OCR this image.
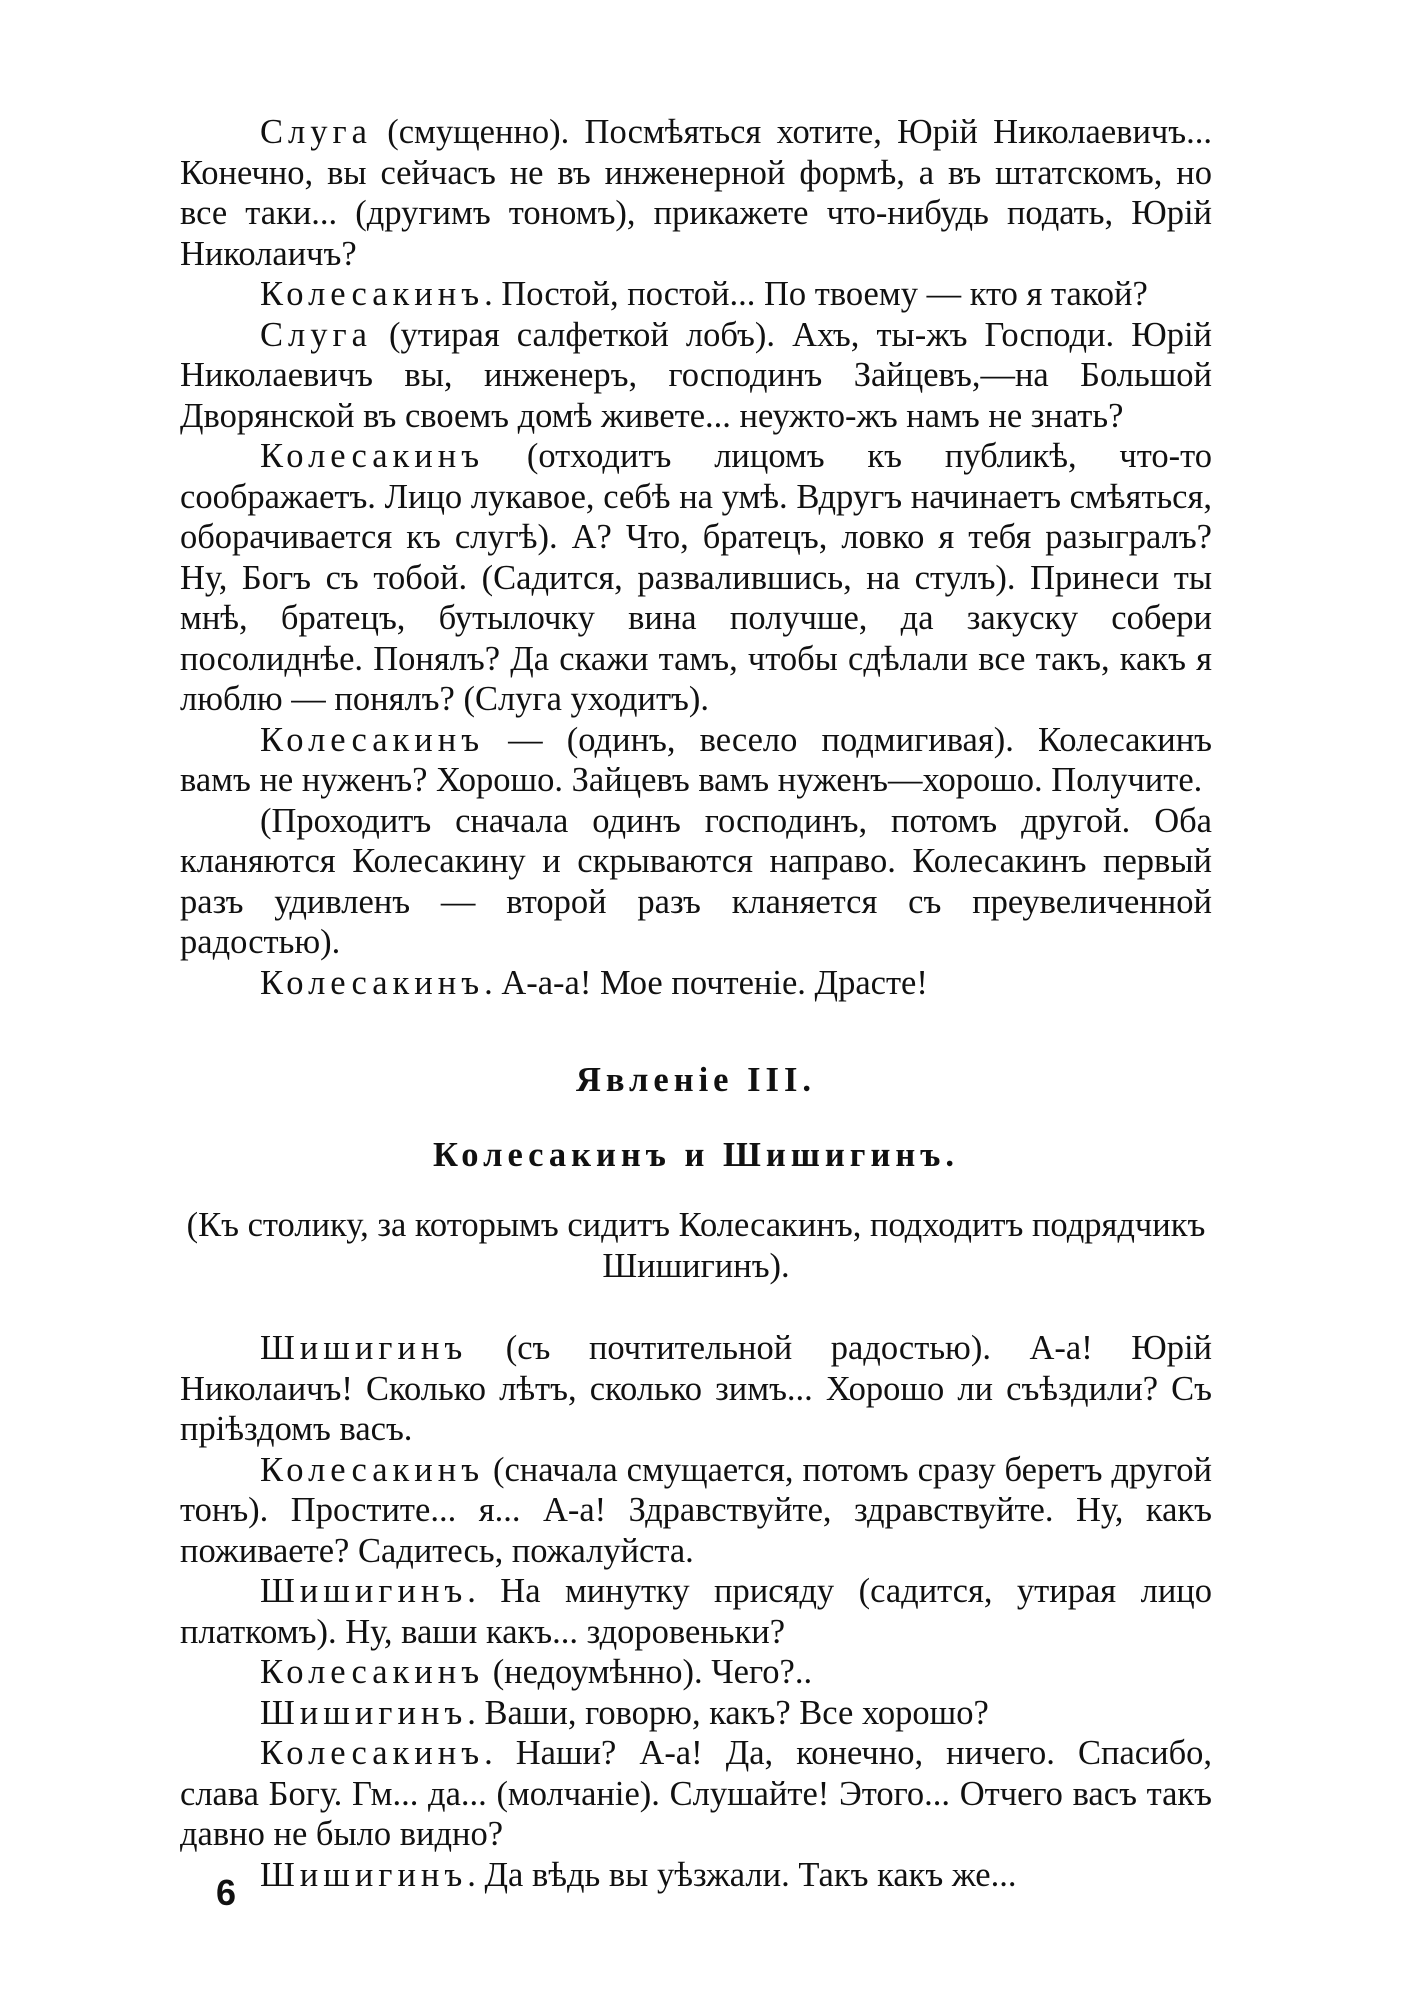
Слуга (смущенно). Посмѣяться хотите, Юрій Николаевичъ... Конечно, вы сейчасъ не въ инженерной формѣ, а въ штатскомъ, но все таки... (другимъ тономъ), прикажете что-нибудь подать, Юрій Николаичъ?

Колесакинъ. Постой, постой... По твоему — кто я такой?

Слуга (утирая салфеткой лобъ). Ахъ, ты-жъ Господи. Юрій Николаевичъ вы, инженеръ, господинъ Зайцевъ,—на Большой Дворянской въ своемъ домѣ живете... неужто-жъ намъ не знать?

Колесакинъ (отходитъ лицомъ къ публикѣ, что-то соображаетъ. Лицо лукавое, себѣ на умѣ. Вдругъ начинаетъ смѣяться, оборачивается къ слугѣ). А? Что, братецъ, ловко я тебя разыгралъ? Ну, Богъ съ тобой. (Садится, развалившись, на стулъ). Принеси ты мнѣ, братецъ, бутылочку вина получше, да закуску собери посолиднѣе. Понялъ? Да скажи тамъ, чтобы сдѣлали все такъ, какъ я люблю — понялъ? (Слуга уходитъ).

Колесакинъ — (одинъ, весело подмигивая). Колесакинъ вамъ не нуженъ? Хорошо. Зайцевъ вамъ нуженъ—хорошо. Получите.

(Проходитъ сначала одинъ господинъ, потомъ другой. Оба кланяются Колесакину и скрываются направо. Колесакинъ первый разъ удивленъ — второй разъ кланяется съ преувеличенной радостью).

Колесакинъ. А-а-а! Мое почтеніе. Драсте!

Явленіе III.
Колесакинъ и Шишигинъ.

(Къ столику, за которымъ сидитъ Колесакинъ, подходитъ подрядчикъ Шишигинъ).

Шишигинъ (съ почтительной радостью). А-а! Юрій Николаичъ! Сколько лѣтъ, сколько зимъ... Хорошо ли съѣздили? Съ пріѣздомъ васъ.

Колесакинъ (сначала смущается, потомъ сразу беретъ другой тонъ). Простите... я... А-а! Здравствуйте, здравствуйте. Ну, какъ поживаете? Садитесь, пожалуйста.

Шишигинъ. На минутку присяду (садится, утирая лицо платкомъ). Ну, ваши какъ... здоровеньки?

Колесакинъ (недоумѣнно). Чего?..

Шишигинъ. Ваши, говорю, какъ? Все хорошо?

Колесакинъ. Наши? А-а! Да, конечно, ничего. Спасибо, слава Богу. Гм... да... (молчаніе). Слушайте! Этого... Отчего васъ такъ давно не было видно?

Шишигинъ. Да вѣдь вы уѣзжали. Такъ какъ же...

6
